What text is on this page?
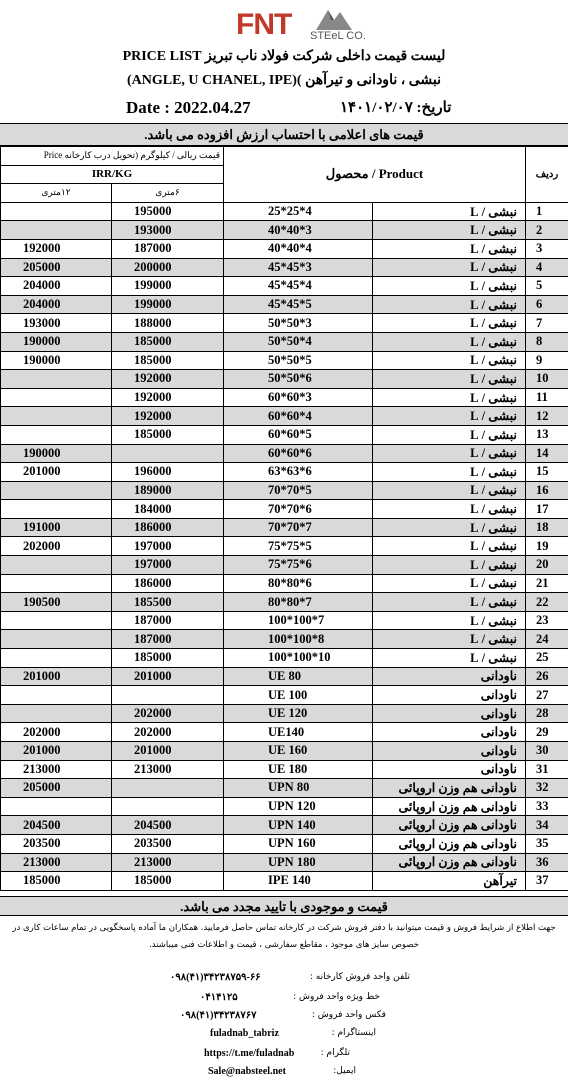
FNT STEeL CO.
لیست قیمت داخلی شرکت فولاد ناب تبریز PRICE LIST
(ANGLE, U CHANEL, IPE)( نبشی ، ناودانی و تیرآهن
Date : 2022.04.27	تاریخ: ۱۴۰۱/۰۲/۰۷
قیمت های اعلامی با احتساب ارزش افزوده می باشد.
قیمت ریالی / کیلوگرم (تحویل درب کارخانه Price		محصول / Product		ردیف
IRR/KG				
۱۲متری	۶متری			
	195000	25*25*4	نبشی / L	1
	193000	40*40*3	نبشی / L	2
192000	187000	40*40*4	نبشی / L	3
205000	200000	45*45*3	نبشی / L	4
204000	199000	45*45*4	نبشی / L	5
204000	199000	45*45*5	نبشی / L	6
193000	188000	50*50*3	نبشی / L	7
190000	185000	50*50*4	نبشی / L	8
190000	185000	50*50*5	نبشی / L	9
	192000	50*50*6	نبشی / L	10
	192000	60*60*3	نبشی / L	11
	192000	60*60*4	نبشی / L	12
	185000	60*60*5	نبشی / L	13
190000		60*60*6	نبشی / L	14
201000	196000	63*63*6	نبشی / L	15
	189000	70*70*5	نبشی / L	16
	184000	70*70*6	نبشی / L	17
191000	186000	70*70*7	نبشی / L	18
202000	197000	75*75*5	نبشی / L	19
	197000	75*75*6	نبشی / L	20
	186000	80*80*6	نبشی / L	21
190500	185500	80*80*7	نبشی / L	22
	187000	100*100*7	نبشی / L	23
	187000	100*100*8	نبشی / L	24
	185000	100*100*10	نبشی / L	25
201000	201000	UE 80	ناودانی	26
		UE 100	ناودانی	27
	202000	UE 120	ناودانی	28
202000	202000	UE140	ناودانی	29
201000	201000	UE 160	ناودانی	30
213000	213000	UE 180	ناودانی	31
205000		UPN 80	ناودانی هم وزن اروپائی	32
		UPN 120	ناودانی هم وزن اروپائی	33
204500	204500	UPN 140	ناودانی هم وزن اروپائی	34
203500	203500	UPN 160	ناودانی هم وزن اروپائی	35
213000	213000	UPN 180	ناودانی هم وزن اروپائی	36
185000	185000	IPE 140	تیرآهن	37
قیمت و موجودی با تایید مجدد می باشد.
جهت اطلاع از شرایط فروش و قیمت میتوانید با دفتر فروش شرکت در کارخانه تماس حاصل فرمایید. همکاران ما آماده پاسخگویی در تمام ساعات کاری در خصوص سایز های موجود ، مقاطع سفارشی ، قیمت و اطلاعات فنی میباشند.
تلفن واحد فروش کارخانه :
۰۹۸(۴۱)۳۴۲۳۸۷۵۹-۶۶
خط ویژه واحد فروش :
۰۴۱۴۱۲۵
فکس واحد فروش :
۰۹۸(۴۱)۳۴۲۳۸۷۶۷
اینستاگرام :
fuladnab_tabriz
تلگرام :
https://t.me/fuladnab
ایمیل:
Sale@nabsteel.net
